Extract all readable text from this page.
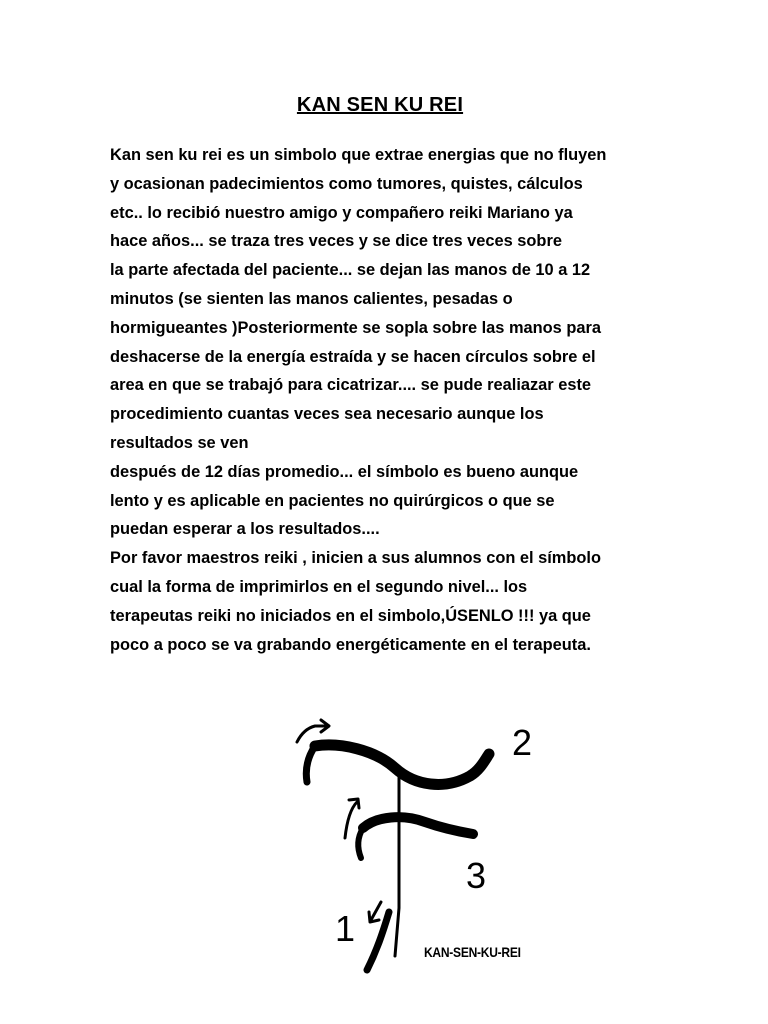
KAN SEN KU REI
Kan sen ku rei es un simbolo que extrae energias que no fluyen
y ocasionan padecimientos como tumores, quistes, cálculos
etc.. lo recibió nuestro amigo y compañero reiki Mariano ya
hace años... se traza tres veces y se dice tres veces sobre
la parte afectada del paciente... se dejan las manos de 10 a 12
minutos (se sienten las manos calientes, pesadas o
hormigueantes )Posteriormente se sopla sobre las manos para
deshacerse de la energía estraída y se hacen círculos sobre el
area en que se trabajó para cicatrizar.... se pude realiazar este
procedimiento cuantas veces sea necesario aunque los
resultados se ven
después de 12 días promedio... el símbolo es bueno aunque
lento y es aplicable en pacientes no quirúrgicos o que se
puedan esperar a los resultados....
Por favor maestros reiki , inicien a sus alumnos con el símbolo
cual la forma de imprimirlos en el segundo nivel... los
terapeutas reiki no iniciados en el simbolo,ÚSENLO !!! ya que
poco a poco se va grabando energéticamente en el terapeuta.
2
3
1
KAN-SEN-KU-REI
